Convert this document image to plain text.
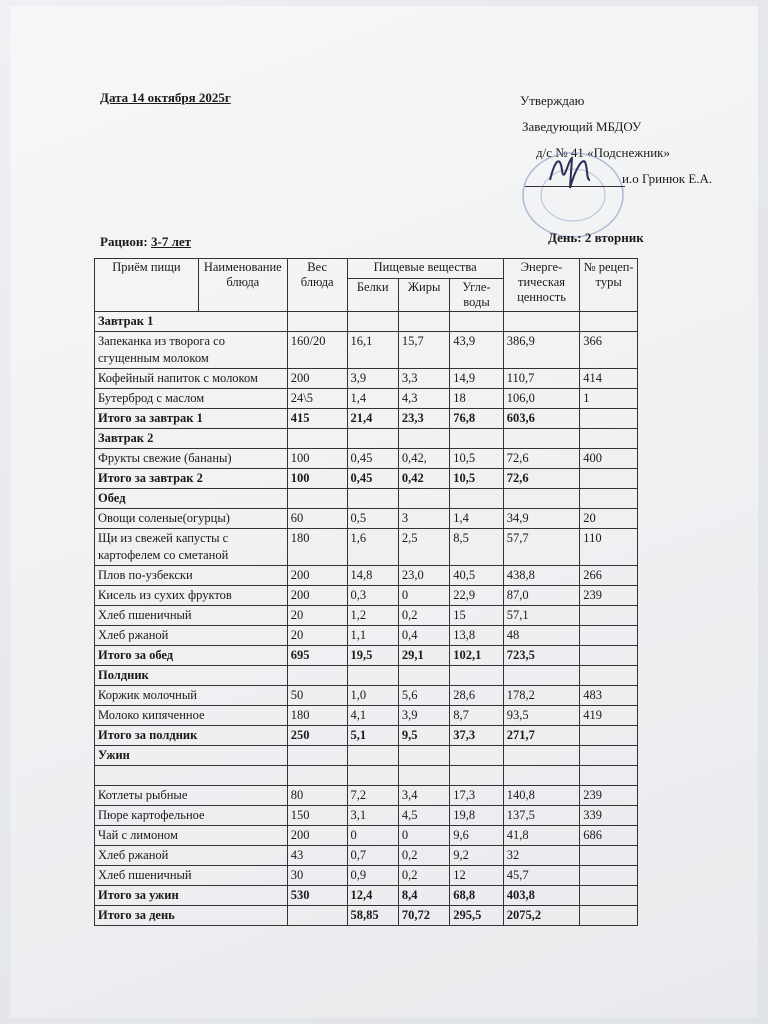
Дата 14 октября 2025г	Утверждаю
Заведующий МБДОУ
д/с № 41 «Подснежник»
и.о Гринюк Е.А.
Рацион: 3-7 лет	День: 2 вторник
Приём пищи	Наименование блюда	Вес блюда	Пищевые вещества			Энерге-тическая ценность	№ рецеп-туры
			Белки	Жиры	Угле-воды		
Завтрак 1							
Запеканка из творога со сгущенным молоком		160/20	16,1	15,7	43,9	386,9	366
Кофейный напиток с молоком		200	3,9	3,3	14,9	110,7	414
Бутерброд с маслом		24\5	1,4	4,3	18	106,0	1
Итого за завтрак 1		415	21,4	23,3	76,8	603,6	
Завтрак 2							
Фрукты свежие (бананы)		100	0,45	0,42,	10,5	72,6	400
Итого за завтрак 2		100	0,45	0,42	10,5	72,6	
Обед							
Овощи соленые(огурцы)		60	0,5	3	1,4	34,9	20
Щи из свежей капусты с картофелем со сметаной		180	1,6	2,5	8,5	57,7	110
Плов по-узбекски		200	14,8	23,0	40,5	438,8	266
Кисель из сухих фруктов		200	0,3	0	22,9	87,0	239
Хлеб пшеничный		20	1,2	0,2	15	57,1	
Хлеб ржаной		20	1,1	0,4	13,8	48	
Итого за обед		695	19,5	29,1	102,1	723,5	
Полдник							
Коржик молочный		50	1,0	5,6	28,6	178,2	483
Молоко кипяченное		180	4,1	3,9	8,7	93,5	419
Итого за полдник		250	5,1	9,5	37,3	271,7	
Ужин							

Котлеты рыбные		80	7,2	3,4	17,3	140,8	239
Пюре картофельное		150	3,1	4,5	19,8	137,5	339
Чай с лимоном		200	0	0	9,6	41,8	686
Хлеб ржаной		43	0,7	0,2	9,2	32	
Хлеб пшеничный		30	0,9	0,2	12	45,7	
Итого за ужин		530	12,4	8,4	68,8	403,8	
Итого за день			58,85	70,72	295,5	2075,2	
